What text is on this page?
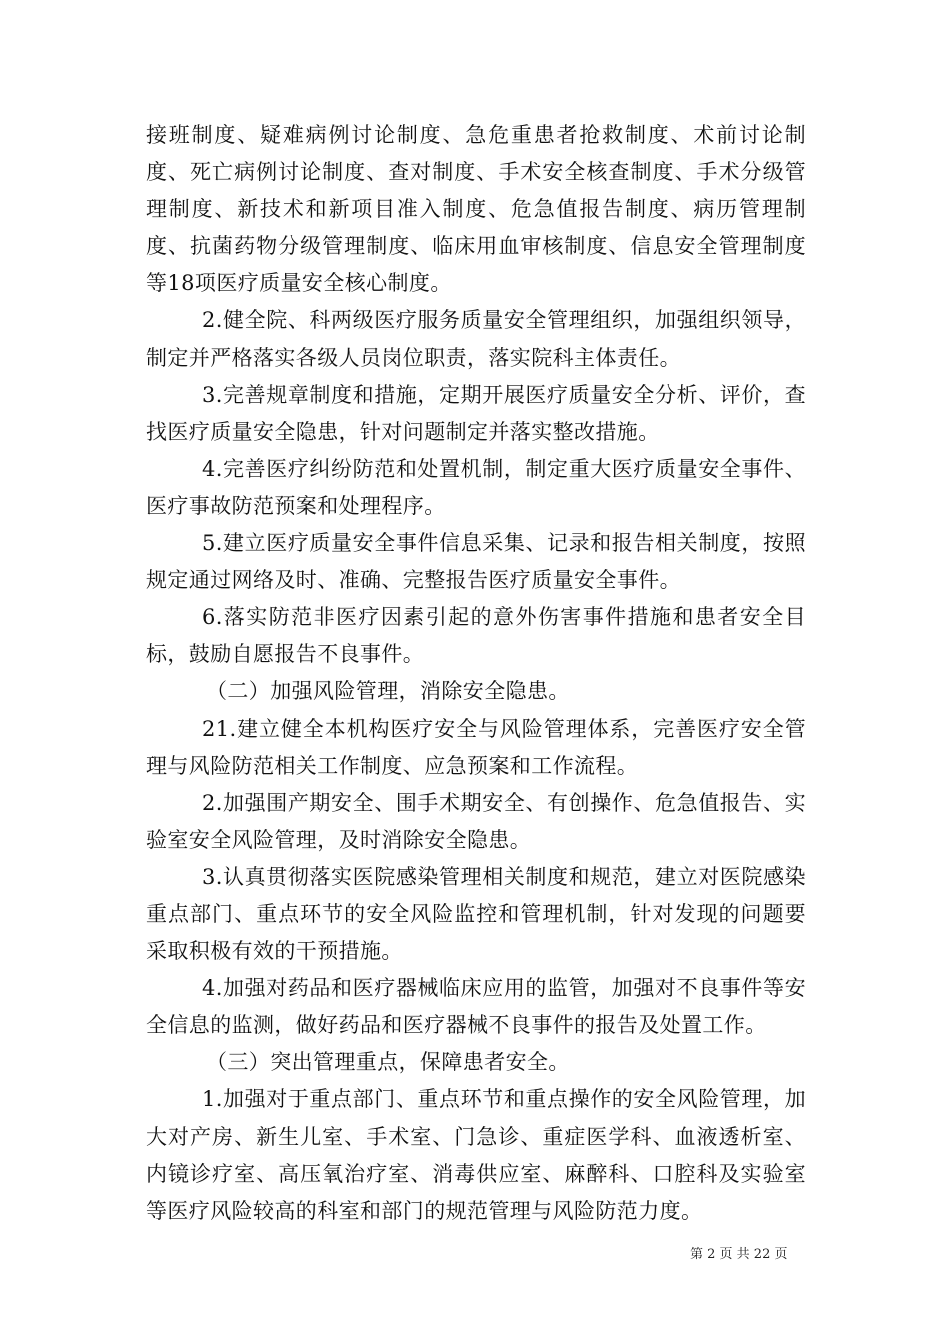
接班制度、疑难病例讨论制度、急危重患者抢救制度、术前讨论制度、死亡病例讨论制度、查对制度、手术安全核查制度、手术分级管理制度、新技术和新项目准入制度、危急值报告制度、病历管理制度、抗菌药物分级管理制度、临床用血审核制度、信息安全管理制度等18项医疗质量安全核心制度。

2.健全院、科两级医疗服务质量安全管理组织，加强组织领导，制定并严格落实各级人员岗位职责，落实院科主体责任。

3.完善规章制度和措施，定期开展医疗质量安全分析、评价，查找医疗质量安全隐患，针对问题制定并落实整改措施。

4.完善医疗纠纷防范和处置机制，制定重大医疗质量安全事件、医疗事故防范预案和处理程序。

5.建立医疗质量安全事件信息采集、记录和报告相关制度，按照规定通过网络及时、准确、完整报告医疗质量安全事件。

6.落实防范非医疗因素引起的意外伤害事件措施和患者安全目标，鼓励自愿报告不良事件。

（二）加强风险管理，消除安全隐患。

21.建立健全本机构医疗安全与风险管理体系，完善医疗安全管理与风险防范相关工作制度、应急预案和工作流程。

2.加强围产期安全、围手术期安全、有创操作、危急值报告、实验室安全风险管理，及时消除安全隐患。

3.认真贯彻落实医院感染管理相关制度和规范，建立对医院感染重点部门、重点环节的安全风险监控和管理机制，针对发现的问题要采取积极有效的干预措施。

4.加强对药品和医疗器械临床应用的监管，加强对不良事件等安全信息的监测，做好药品和医疗器械不良事件的报告及处置工作。

（三）突出管理重点，保障患者安全。

1.加强对于重点部门、重点环节和重点操作的安全风险管理，加大对产房、新生儿室、手术室、门急诊、重症医学科、血液透析室、内镜诊疗室、高压氧治疗室、消毒供应室、麻醉科、口腔科及实验室等医疗风险较高的科室和部门的规范管理与风险防范力度。

第 2 页 共 22 页
